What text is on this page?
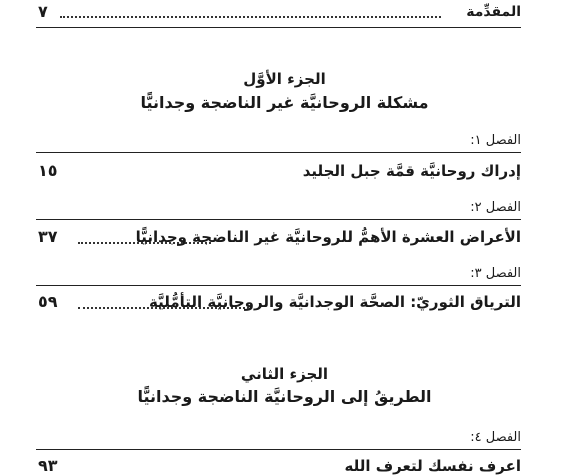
المقدِّمة
٧
الجزء الأوَّل
مشكلة الروحانيَّة غير الناضجة وجدانيًّا
الفصل ١:
إدراك روحانيَّة قمَّة جبل الجليد
١٥
الفصل ٢:
الأعراض العشرة الأهمُّ للروحانيَّة غير الناضجة وجدانيًّا
٣٧
الفصل ٣:
الترياق الثوريّ: الصحَّة الوجدانيَّة والروحانيَّة التأمُّليَّة
٥٩
الجزء الثاني
الطريقُ إلى الروحانيَّة الناضجة وجدانيًّا
الفصل ٤:
اعرف نفسك لتعرف الله
٩٣
